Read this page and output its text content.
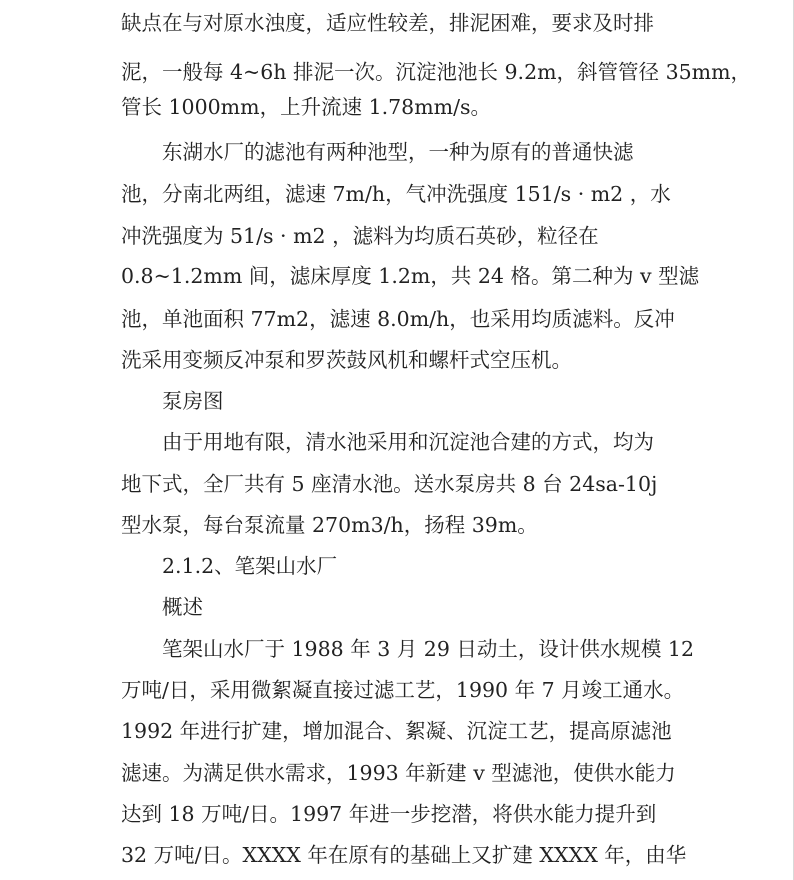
缺点在与对原水浊度，适应性较差，排泥困难，要求及时排

泥，一般每 4~6h 排泥一次。沉淀池池长 9.2m，斜管管径 35mm，

管长 1000mm，上升流速 1.78mm/s。

东湖水厂的滤池有两种池型，一种为原有的普通快滤

池，分南北两组，滤速 7m/h，气冲洗强度 151/s · m2 ，水

冲洗强度为 51/s · m2 ，滤料为均质石英砂，粒径在

0.8~1.2mm 间，滤床厚度 1.2m，共 24 格。第二种为 v 型滤

池，单池面积 77m2，滤速 8.0m/h，也采用均质滤料。反冲

洗采用变频反冲泵和罗茨鼓风机和螺杆式空压机。

泵房图

由于用地有限，清水池采用和沉淀池合建的方式，均为

地下式，全厂共有 5 座清水池。送水泵房共 8 台 24sa-10j

型水泵，每台泵流量 270m3/h，扬程 39m。

2.1.2、笔架山水厂

概述

笔架山水厂于 1988 年 3 月 29 日动土，设计供水规模 12

万吨/日，采用微絮凝直接过滤工艺，1990 年 7 月竣工通水。

1992 年进行扩建，增加混合、絮凝、沉淀工艺，提高原滤池

滤速。为满足供水需求，1993 年新建 v 型滤池，使供水能力

达到 18 万吨/日。1997 年进一步挖潜，将供水能力提升到

32 万吨/日。XXXX 年在原有的基础上又扩建 XXXX 年，由华
